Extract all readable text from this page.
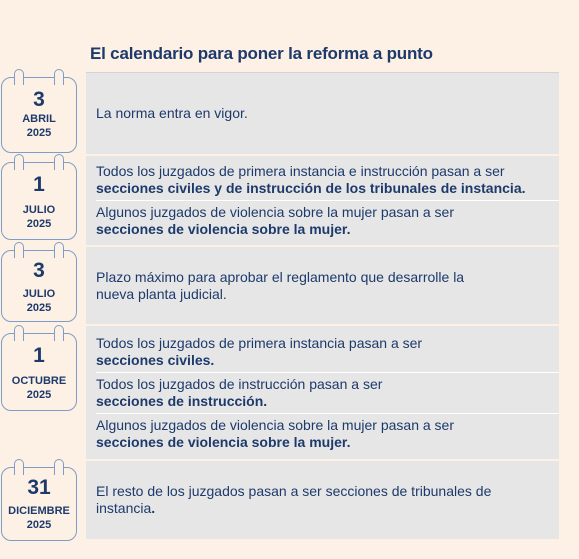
El calendario para poner la reforma a punto
La norma entra en vigor.
3
ABRIL
2025
Todos los juzgados de primera instancia e instrucción pasan a ser secciones civiles y de instrucción de los tribunales de instancia.
Algunos juzgados de violencia sobre la mujer pasan a ser secciones de violencia sobre la mujer.
1
JULIO
2025
Plazo máximo para aprobar el reglamento que desarrolle la nueva planta judicial.
3
JULIO
2025
Todos los juzgados de primera instancia pasan a ser secciones civiles.
Todos los juzgados de instrucción pasan a ser secciones de instrucción.
Algunos juzgados de violencia sobre la mujer pasan a ser secciones de violencia sobre la mujer.
1
OCTUBRE
2025
El resto de los juzgados pasan a ser secciones de tribunales de instancia.
31
DICIEMBRE
2025
